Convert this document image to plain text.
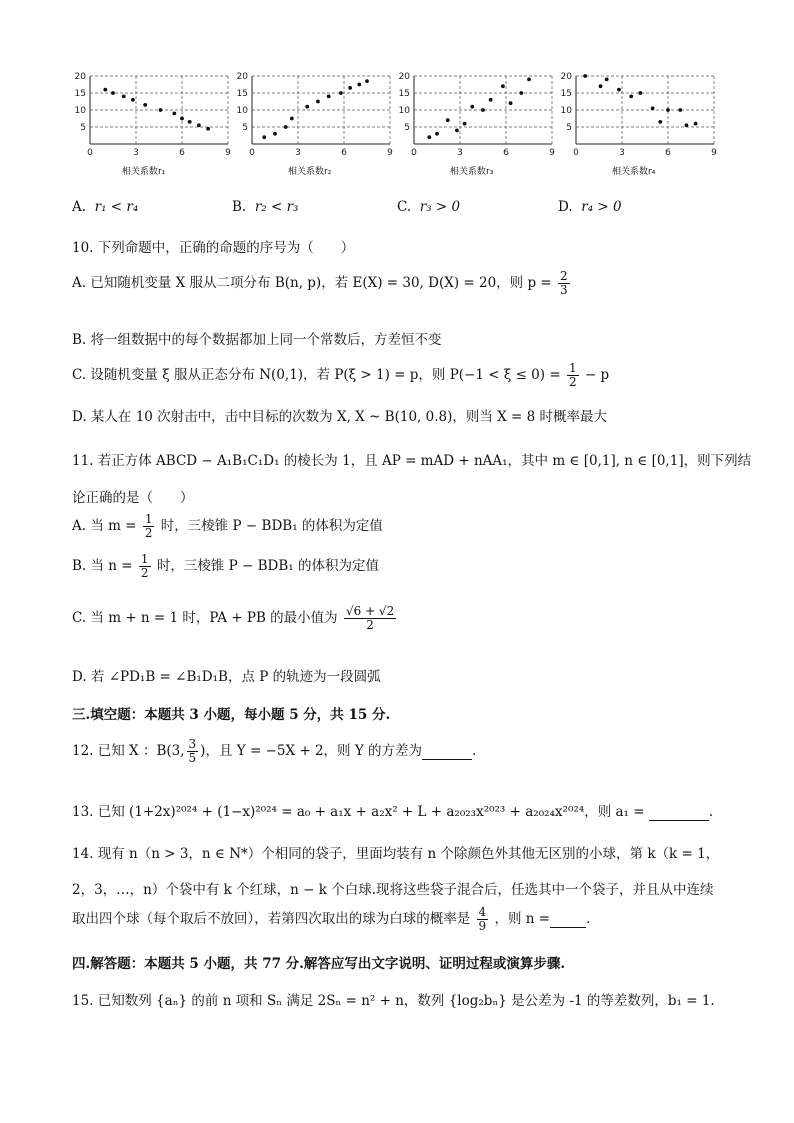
5
10
15
20
0	3	6	9
5
10
15
20
0	3	6	9
5
10
15
20
0	3	6	9
5
10
15
20
0	3	6	9
相关系数r₁	相关系数r₂	相关系数r₃	相关系数r₄
A. r₁ < r₄	B. r₂ < r₃	C. r₃ > 0	D. r₄ > 0
10. 下列命题中，正确的命题的序号为（　　）
A. 已知随机变量 X 服从二项分布 B(n, p)，若 E(X) = 30, D(X) = 20，则 $p = \frac{2}{3}$
B. 将一组数据中的每个数据都加上同一个常数后，方差恒不变
C. 设随机变量 ξ 服从正态分布 N(0,1)，若 P(ξ > 1) = p，则 $P(-1 < \xi \le 0) = \frac{1}{2} - p$
D. 某人在 10 次射击中，击中目标的次数为 X, X ~ B(10, 0.8)，则当 X = 8 时概率最大
11. 若正方体 ABCD − A₁B₁C₁D₁ 的棱长为 1，且 AP = mAD + nAA₁，其中 m ∈ [0,1], n ∈ [0,1]，则下列结
论正确的是（　　）
A. 当 $m = \frac{1}{2}$ 时，三棱锥 P − BDB₁ 的体积为定值
B. 当 $n = \frac{1}{2}$ 时，三棱锥 P − BDB₁ 的体积为定值
C. 当 m + n = 1 时，PA + PB 的最小值为 $\frac{√6 + √2}{2}$
D. 若 ∠PD₁B = ∠B₁D₁B，点 P 的轨迹为一段圆弧
三.填空题：本题共 3 小题，每小题 5 分，共 15 分.
12. 已知 X ：B(3, $\frac{3}{5}$ )，且 Y = −5X + 2，则 Y 的方差为	.
13. 已知 (1+2x)²⁰²⁴ + (1−x)²⁰²⁴ = a₀ + a₁x + a₂x² + L + a₂₀₂₃x²⁰²³ + a₂₀₂₄x²⁰²⁴，则 a₁ =	.
14. 现有 n（n > 3，n ∈ N*）个相同的袋子，里面均装有 n 个除颜色外其他无区别的小球，第 k（k = 1，
2，3，…，n）个袋中有 k 个红球，n − k 个白球.现将这些袋子混合后，任选其中一个袋子，并且从中连续
取出四个球（每个取后不放回），若第四次取出的球为白球的概率是 $\frac{4}{9}$ ，则 n =	.
四.解答题：本题共 5 小题，共 77 分.解答应写出文字说明、证明过程或演算步骤.
15. 已知数列 {aₙ} 的前 n 项和 Sₙ 满足 2Sₙ = n² + n，数列 {log₂bₙ} 是公差为 -1 的等差数列，b₁ = 1.
